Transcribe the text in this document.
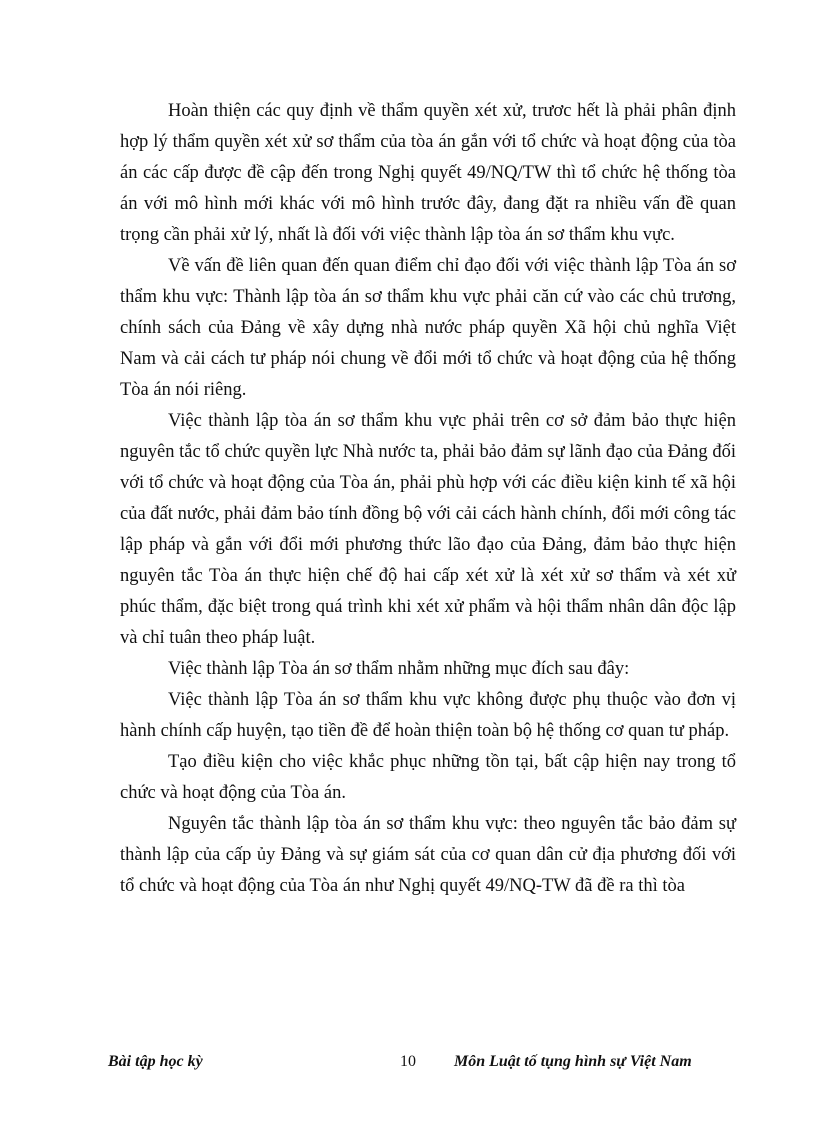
Hoàn thiện các quy định về thẩm quyền xét xử, trươc hết là phải phân định hợp lý thẩm quyền xét xử sơ thẩm của tòa án gắn với tổ chức và hoạt động của tòa án các cấp được đề cập đến trong Nghị quyết 49/NQ/TW thì tổ chức hệ thống tòa án với mô hình mới khác với mô hình trước đây, đang đặt ra nhiều vấn đề quan trọng cần phải xử lý, nhất là đối với việc thành lập tòa án sơ thẩm khu vực.

Về vấn đề liên quan đến quan điểm chỉ đạo đối với việc thành lập Tòa án sơ thẩm khu vực: Thành lập tòa án sơ thẩm khu vực phải căn cứ vào các chủ trương, chính sách của Đảng về xây dựng nhà nước pháp quyền Xã hội chủ nghĩa Việt Nam và cải cách tư pháp nói chung về đổi mới tổ chức và hoạt động của hệ thống Tòa án nói riêng.

Việc thành lập tòa án sơ thẩm khu vực phải trên cơ sở đảm bảo thực hiện nguyên tắc tổ chức quyền lực Nhà nước ta, phải bảo đảm sự lãnh đạo của Đảng đối với tổ chức và hoạt động của Tòa án, phải phù hợp với các điều kiện kinh tế xã hội của đất nước, phải đảm bảo tính đồng bộ với cải cách hành chính, đổi mới công tác lập pháp và gắn với đổi mới phương thức lão đạo của Đảng, đảm bảo thực hiện nguyên tắc Tòa án thực hiện chế độ hai cấp xét xử là xét xử sơ thẩm và xét xử phúc thẩm, đặc biệt trong quá trình khi xét xử phẩm và hội thẩm nhân dân độc lập và chỉ tuân theo pháp luật.

Việc thành lập Tòa án sơ thẩm nhằm những mục đích sau đây:

Việc thành lập Tòa án sơ thẩm khu vực không được phụ thuộc vào đơn vị hành chính cấp huyện, tạo tiền đề để hoàn thiện toàn bộ hệ thống cơ quan tư pháp.

Tạo điều kiện cho việc khắc phục những tồn tại, bất cập hiện nay trong tổ chức và hoạt động của Tòa án.

Nguyên tắc thành lập tòa án sơ thẩm khu vực: theo nguyên tắc bảo đảm sự thành lập của cấp ủy Đảng và sự giám sát của cơ quan dân cử địa phương đối với tổ chức và hoạt động của Tòa án như Nghị quyết 49/NQ-TW đã đề ra thì tòa

Bài tập học kỳ	10 Môn Luật tố tụng hình sự Việt Nam
